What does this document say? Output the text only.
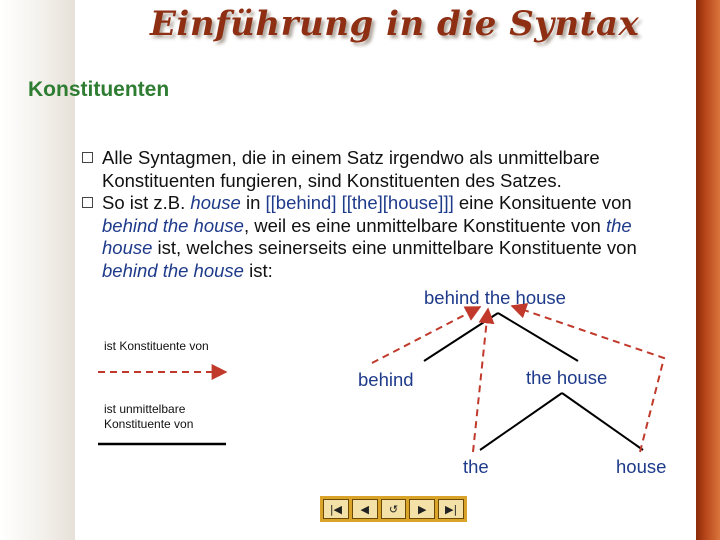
Einführung in die Syntax
Konstituenten
Alle Syntagmen, die in einem Satz irgendwo als unmittelbare Konstituenten fungieren, sind Konstituenten des Satzes.
So ist z.B. house in [[behind] [[the][house]]] eine Konsituente von behind the house, weil es eine unmittelbare Konstituente von the house ist, welches seinerseits eine unmittelbare Konstituente von behind the house ist:
behind the house
behind	the house
the	house
ist Konstituente von
ist unmittelbare
Konstituente von
|◀	◀	↺	▶	▶|
